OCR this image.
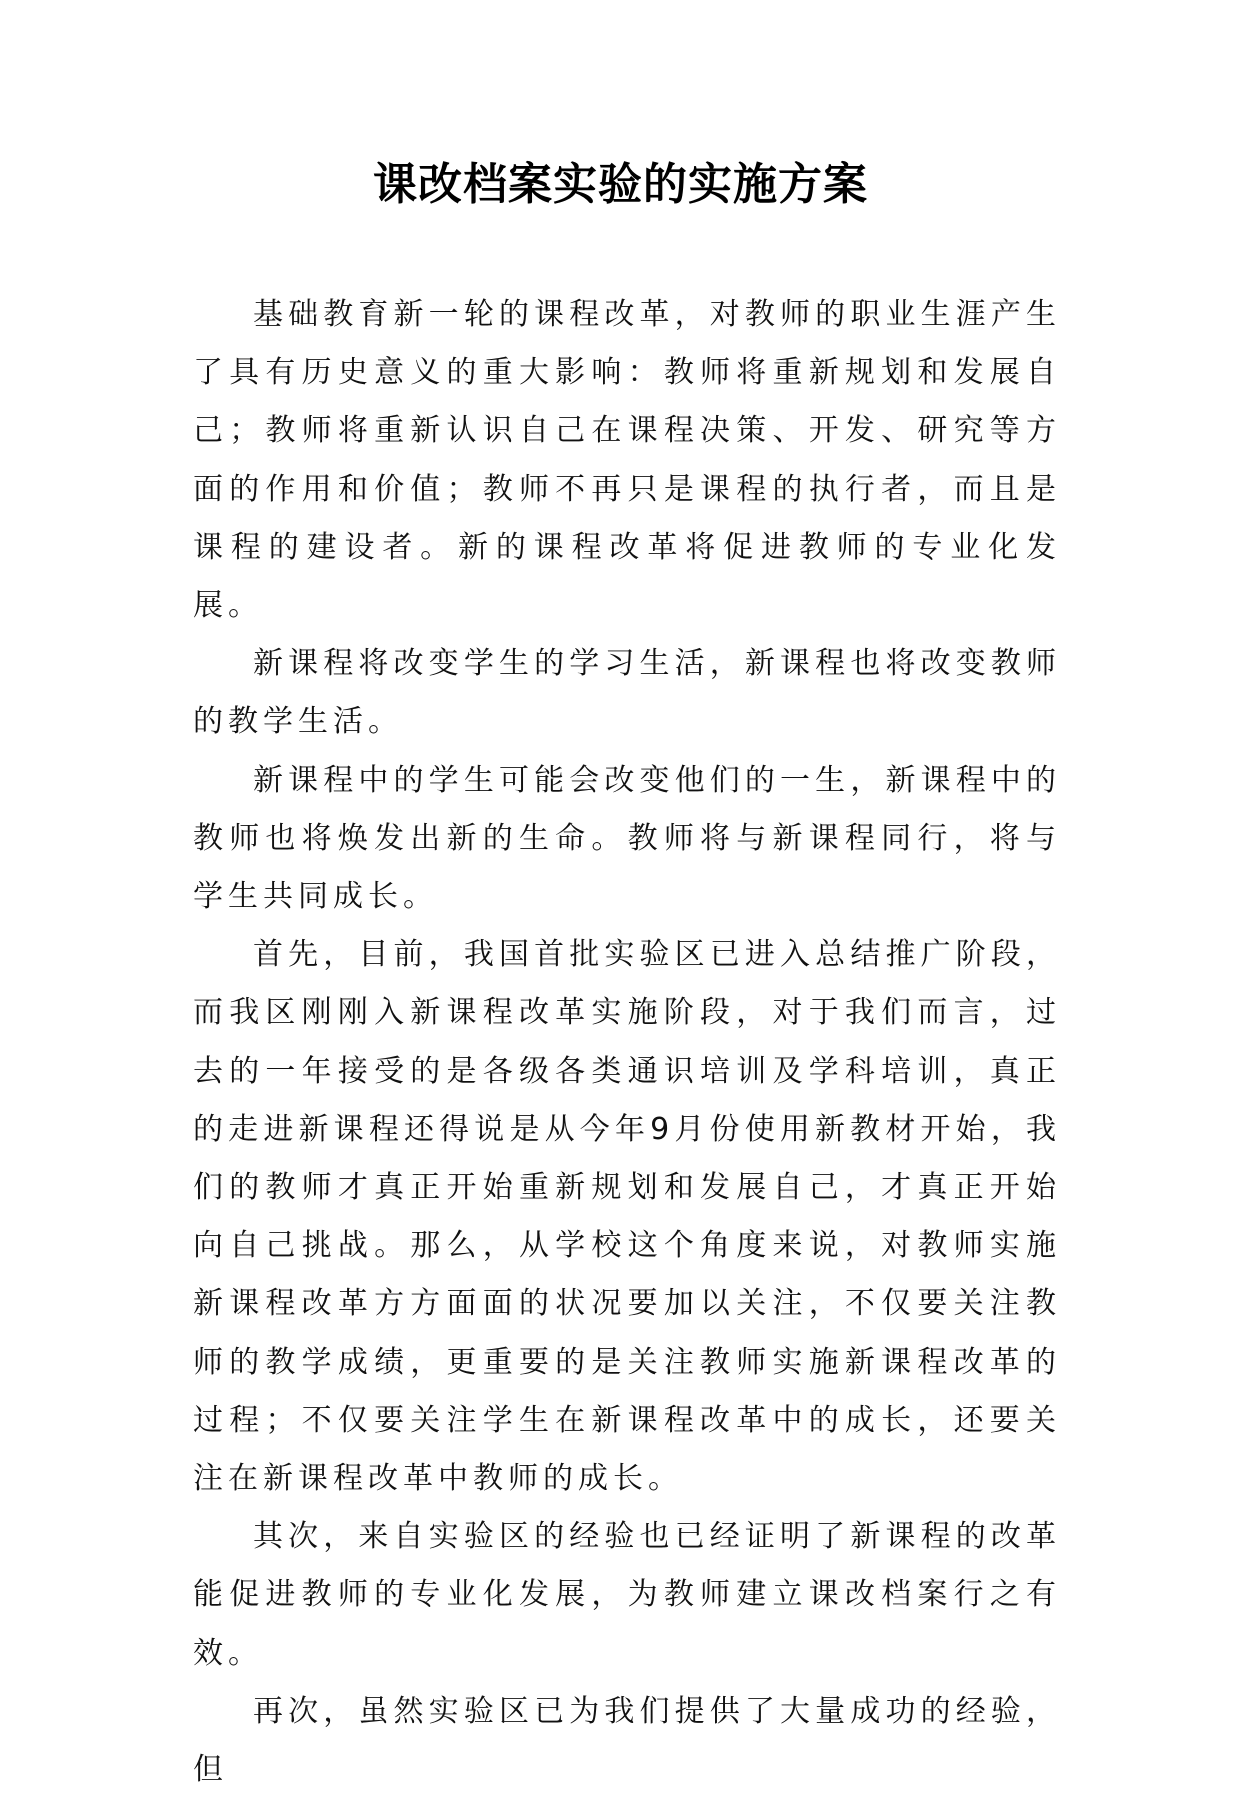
课改档案实验的实施方案

基础教育新一轮的课程改革，对教师的职业生涯产生了具有历史意义的重大影响：教师将重新规划和发展自己；教师将重新认识自己在课程决策、开发、研究等方面的作用和价值；教师不再只是课程的执行者，而且是课程的建设者。新的课程改革将促进教师的专业化发展。

新课程将改变学生的学习生活，新课程也将改变教师的教学生活。

新课程中的学生可能会改变他们的一生，新课程中的教师也将焕发出新的生命。教师将与新课程同行，将与学生共同成长。

首先，目前，我国首批实验区已进入总结推广阶段，而我区刚刚入新课程改革实施阶段，对于我们而言，过去的一年接受的是各级各类通识培训及学科培训，真正的走进新课程还得说是从今年9月份使用新教材开始，我们的教师才真正开始重新规划和发展自己，才真正开始向自己挑战。那么，从学校这个角度来说，对教师实施新课程改革方方面面的状况要加以关注，不仅要关注教师的教学成绩，更重要的是关注教师实施新课程改革的过程；不仅要关注学生在新课程改革中的成长，还要关注在新课程改革中教师的成长。

其次，来自实验区的经验也已经证明了新课程的改革能促进教师的专业化发展，为教师建立课改档案行之有效。

再次，虽然实验区已为我们提供了大量成功的经验，但
